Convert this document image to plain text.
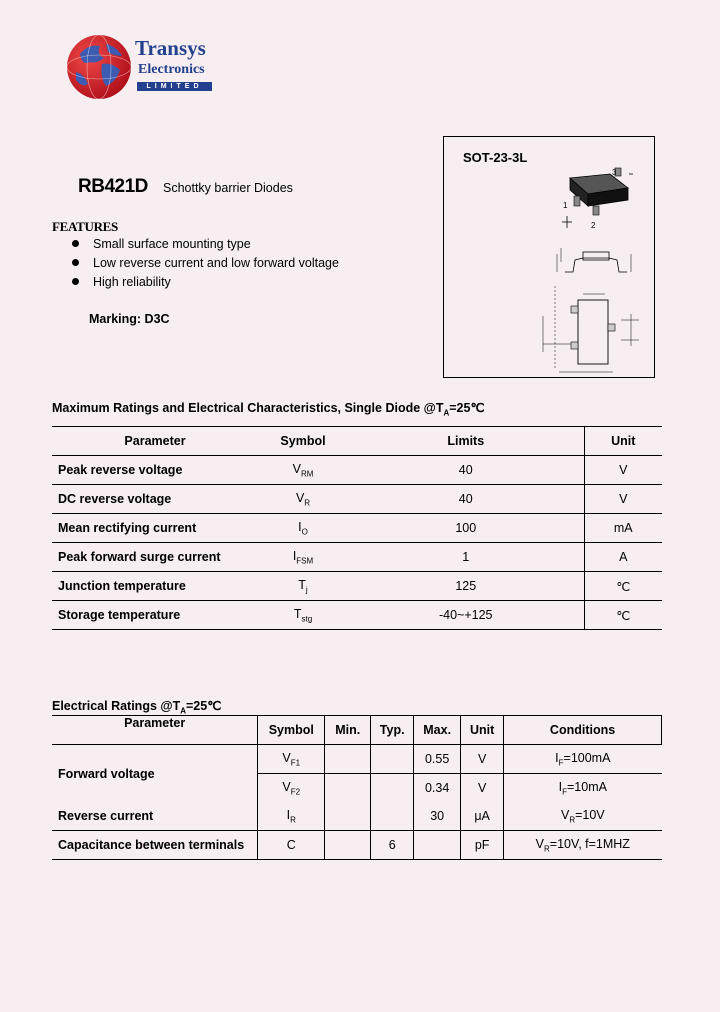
Transys
Electronics
LIMITED
RB421D Schottky barrier Diodes
FEATURES
Small surface mounting type
Low reverse current and low forward voltage
High reliability
Marking: D3C
SOT-23-3L
1
2
3
Maximum Ratings and Electrical Characteristics, Single Diode $@T_A=25℃$
Parameter	Symbol	Limits	Unit
Peak reverse voltage	$V_{RM}$	40	V
DC reverse voltage	$V_R$	40	V
Mean rectifying current	$I_O$	100	mA
Peak forward surge current	$I_{FSM}$	1	A
Junction temperature	$T_j$	125	℃
Storage temperature	$T_{stg}$	-40~+125	℃
Electrical Ratings $@T_A=25℃$
Parameter	Symbol	Min.	Typ.	Max.	Unit	Conditions
Forward voltage	$V_{F1}$			0.55	V	$I_F=100mA$
	$V_{F2}$			0.34	V	$I_F=10mA$
Reverse current	$I_R$			30	μA	$V_R=10V$
Capacitance between terminals	C		6		pF	$V_R=10V$, f=1MHZ
